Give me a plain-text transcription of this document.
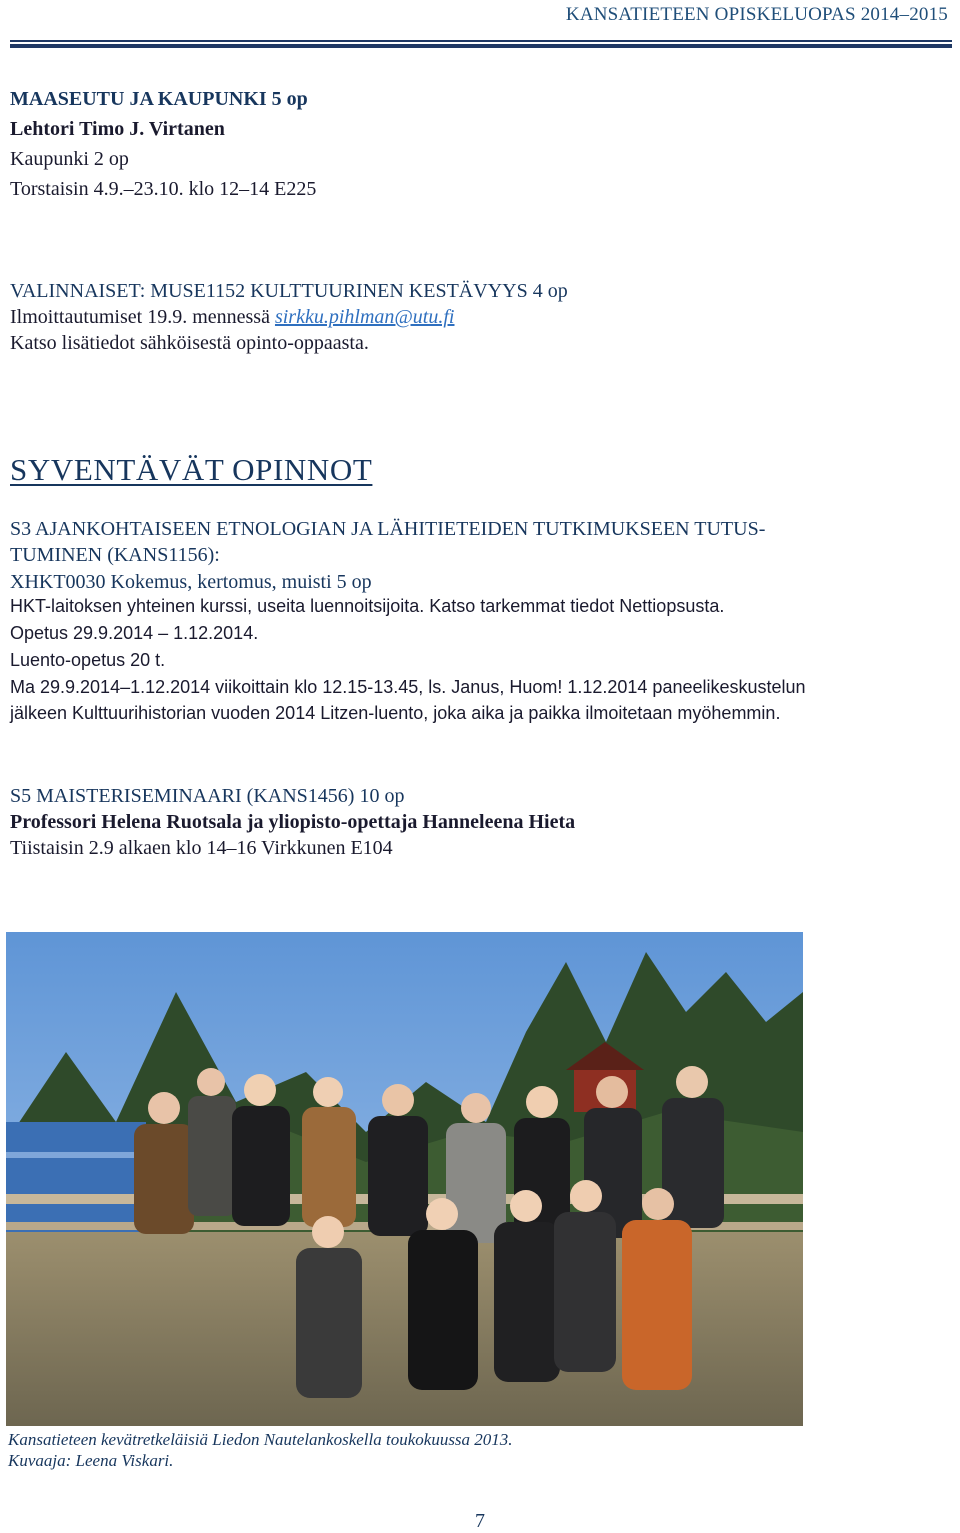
KANSATIETEEN OPISKELUOPAS 2014–2015
MAASEUTU JA KAUPUNKI 5 op
Lehtori Timo J. Virtanen
Kaupunki 2 op
Torstaisin 4.9.–23.10. klo 12–14 E225
VALINNAISET: MUSE1152 KULTTUURINEN KESTÄVYYS 4 op
Ilmoittautumiset 19.9. mennessä sirkku.pihlman@utu.fi
Katso lisätiedot sähköisestä opinto-oppaasta.
SYVENTÄVÄT OPINNOT
S3 AJANKOHTAISEEN ETNOLOGIAN JA LÄHITIETEIDEN TUTKIMUKSEEN TUTUS-
TUMINEN (KANS1156):
XHKT0030 Kokemus, kertomus, muisti 5 op
HKT-laitoksen yhteinen kurssi, useita luennoitsijoita. Katso tarkemmat tiedot Nettiopsusta.
Opetus 29.9.2014 – 1.12.2014.
Luento-opetus 20 t.
Ma 29.9.2014–1.12.2014 viikoittain klo 12.15-13.45, ls. Janus, Huom! 1.12.2014 paneelikeskustelun
jälkeen Kulttuurihistorian vuoden 2014 Litzen-luento, joka aika ja paikka ilmoitetaan myöhemmin.
S5 MAISTERISEMINAARI (KANS1456) 10 op
Professori Helena Ruotsala ja yliopisto-opettaja Hanneleena Hieta
Tiistaisin 2.9 alkaen klo 14–16 Virkkunen E104
Kansatieteen kevätretkeläisiä Liedon Nautelankoskella toukokuussa 2013.
Kuvaaja: Leena Viskari.
7
